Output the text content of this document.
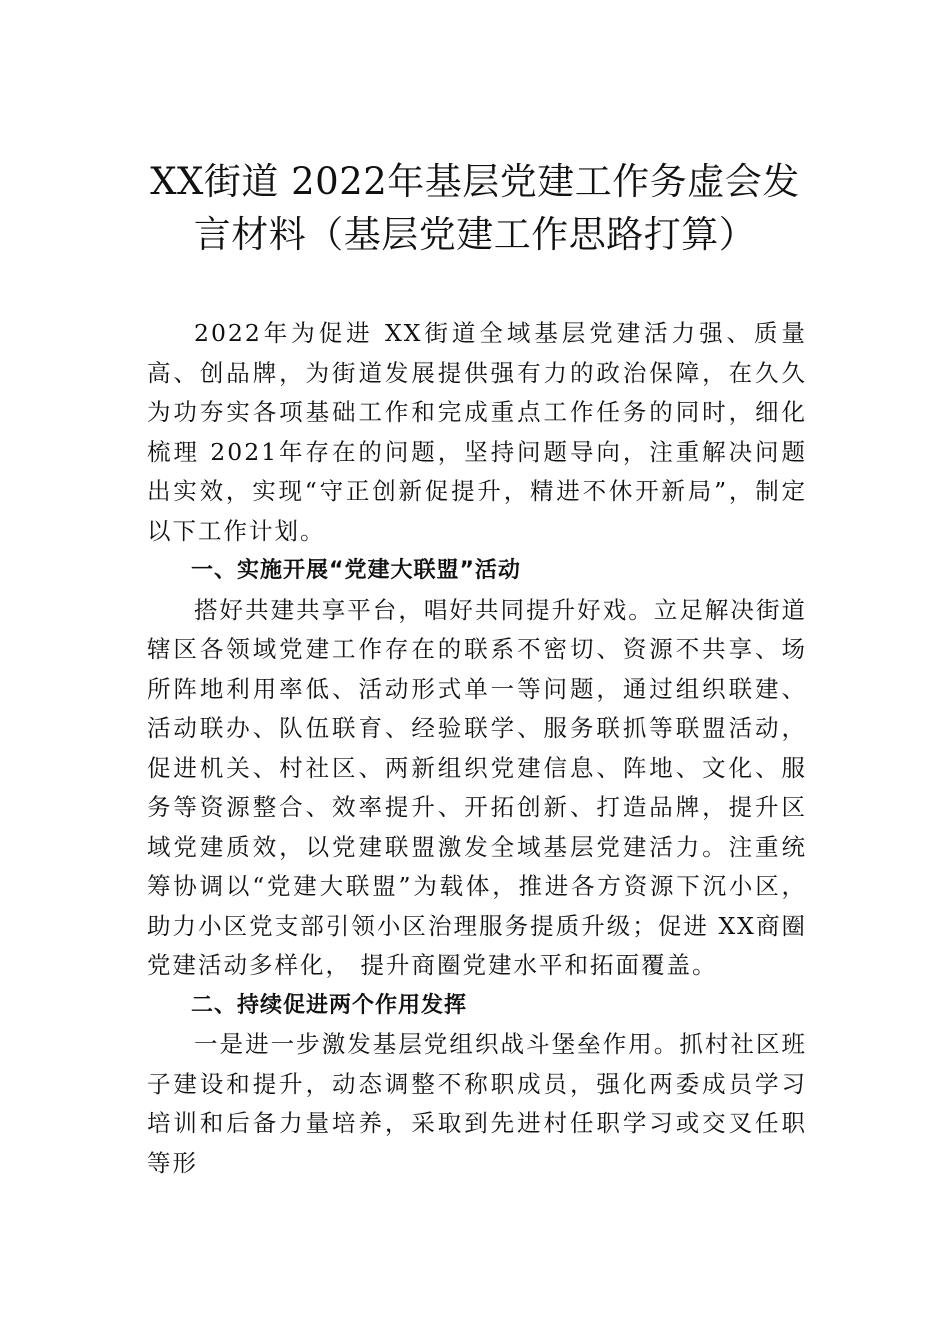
XX街道 2022年基层党建工作务虚会发
言材料（基层党建工作思路打算）

2022年为促进 XX街道全域基层党建活力强、质量高、创品牌，为街道发展提供强有力的政治保障，在久久为功夯实各项基础工作和完成重点工作任务的同时，细化梳理 2021年存在的问题，坚持问题导向，注重解决问题出实效，实现“守正创新促提升，精进不休开新局”，制定以下工作计划。

一、实施开展“党建大联盟”活动

搭好共建共享平台，唱好共同提升好戏。立足解决街道辖区各领域党建工作存在的联系不密切、资源不共享、场所阵地利用率低、活动形式单一等问题，通过组织联建、活动联办、队伍联育、经验联学、服务联抓等联盟活动，促进机关、村社区、两新组织党建信息、阵地、文化、服务等资源整合、效率提升、开拓创新、打造品牌，提升区域党建质效，以党建联盟激发全域基层党建活力。注重统筹协调以“党建大联盟”为载体，推进各方资源下沉小区，助力小区党支部引领小区治理服务提质升级；促进 XX商圈党建活动多样化， 提升商圈党建水平和拓面覆盖。

二、持续促进两个作用发挥

一是进一步激发基层党组织战斗堡垒作用。抓村社区班子建设和提升，动态调整不称职成员，强化两委成员学习培训和后备力量培养，采取到先进村任职学习或交叉任职等形
